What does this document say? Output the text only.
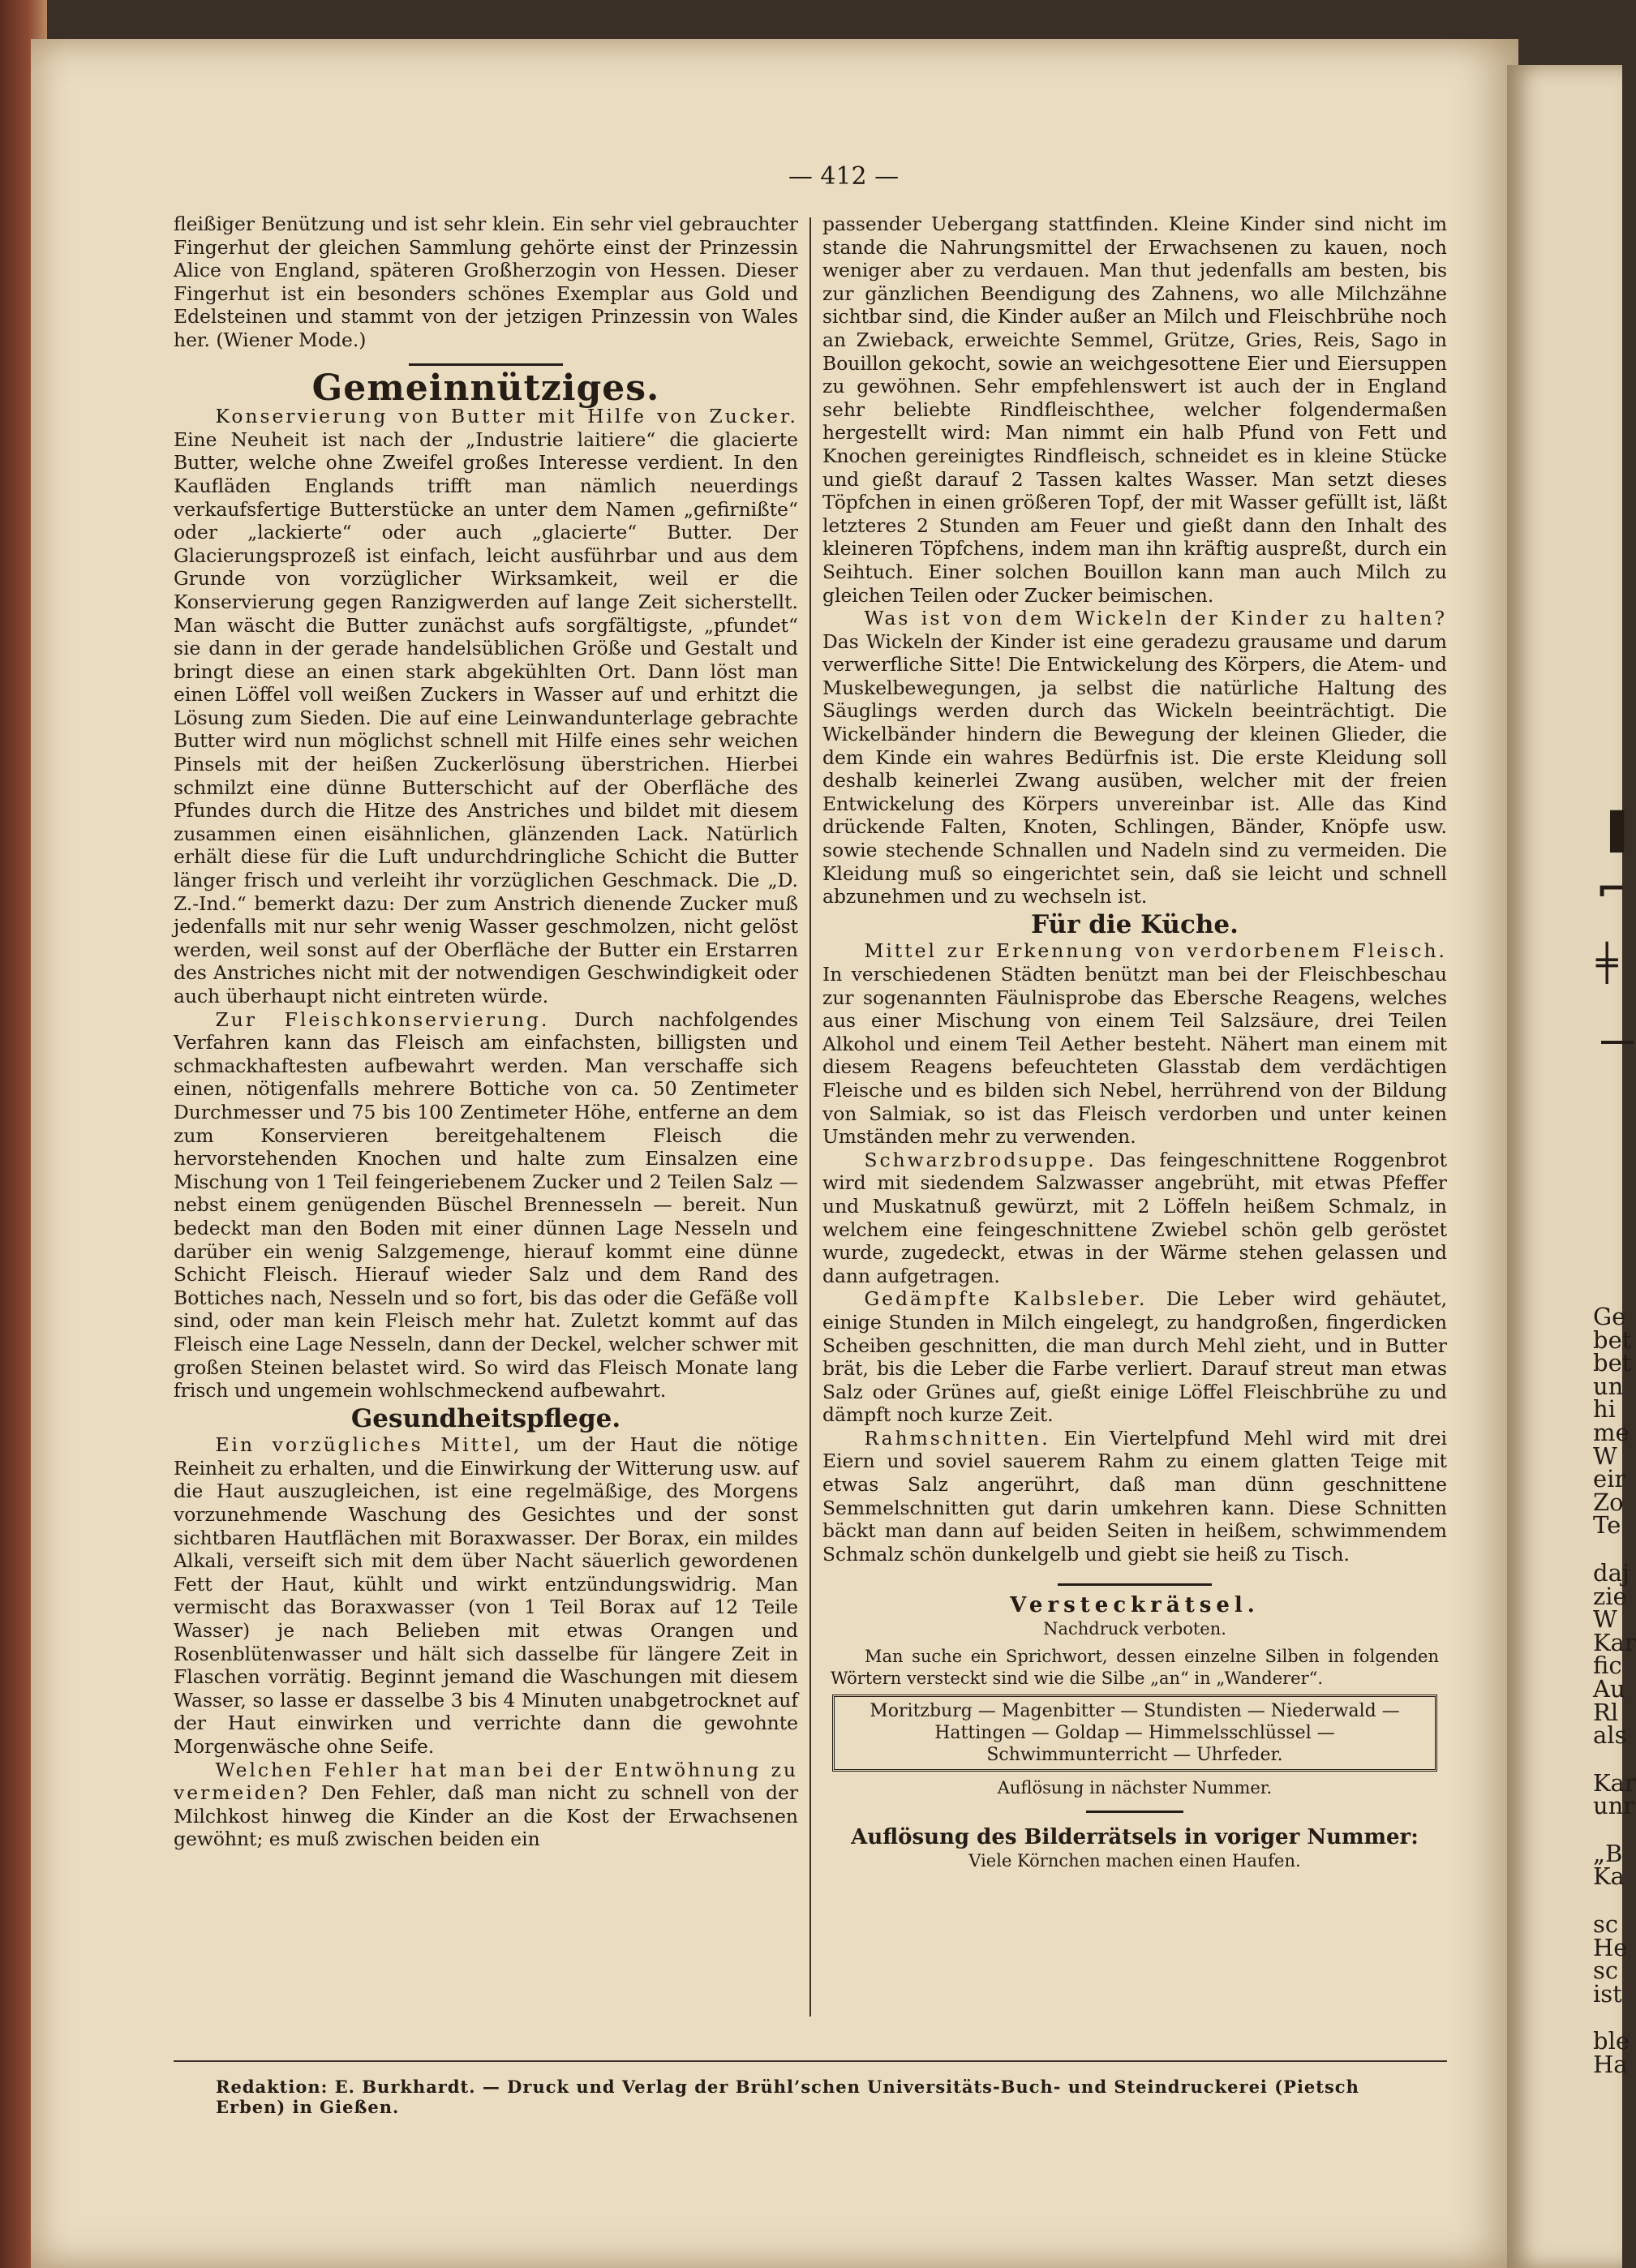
▐
⌐
╪
Ge
bet
bet
un
hi
me
W
eir
Zo
Te
daj
zie
W
Kar
fic
Au
Rl
als
Kar
unr
„B
Ka
sc
He
sc
ist
ble
Ha
— 412 —

fleißiger Benützung und ist sehr klein. Ein sehr viel gebrauchter Fingerhut der gleichen Sammlung gehörte einst der Prinzessin Alice von England, späteren Großherzogin von Hessen. Dieser Fingerhut ist ein besonders schönes Exemplar aus Gold und Edelsteinen und stammt von der jetzigen Prinzessin von Wales her. (Wiener Mode.)

Gemeinnütziges.

Konservierung von Butter mit Hilfe von Zucker. Eine Neuheit ist nach der „Industrie laitiere“ die glacierte Butter, welche ohne Zweifel großes Interesse verdient. In den Kaufläden Englands trifft man nämlich neuerdings verkaufsfertige Butterstücke an unter dem Namen „gefirnißte“ oder „lackierte“ oder auch „glacierte“ Butter. Der Glacierungsprozeß ist einfach, leicht ausführbar und aus dem Grunde von vorzüglicher Wirksamkeit, weil er die Konservierung gegen Ranzigwerden auf lange Zeit sicherstellt. Man wäscht die Butter zunächst aufs sorgfältigste, „pfundet“ sie dann in der gerade handelsüblichen Größe und Gestalt und bringt diese an einen stark abgekühlten Ort. Dann löst man einen Löffel voll weißen Zuckers in Wasser auf und erhitzt die Lösung zum Sieden. Die auf eine Leinwandunterlage gebrachte Butter wird nun möglichst schnell mit Hilfe eines sehr weichen Pinsels mit der heißen Zuckerlösung überstrichen. Hierbei schmilzt eine dünne Butterschicht auf der Oberfläche des Pfundes durch die Hitze des Anstriches und bildet mit diesem zusammen einen eisähnlichen, glänzenden Lack. Natürlich erhält diese für die Luft undurchdringliche Schicht die Butter länger frisch und verleiht ihr vorzüglichen Geschmack. Die „D. Z.-Ind.“ bemerkt dazu: Der zum Anstrich dienende Zucker muß jedenfalls mit nur sehr wenig Wasser geschmolzen, nicht gelöst werden, weil sonst auf der Oberfläche der Butter ein Erstarren des Anstriches nicht mit der notwendigen Geschwindigkeit oder auch überhaupt nicht eintreten würde.

Zur Fleischkonservierung. Durch nachfolgendes Verfahren kann das Fleisch am einfachsten, billigsten und schmackhaftesten aufbewahrt werden. Man verschaffe sich einen, nötigenfalls mehrere Bottiche von ca. 50 Zentimeter Durchmesser und 75 bis 100 Zentimeter Höhe, entferne an dem zum Konservieren bereitgehaltenem Fleisch die hervorstehenden Knochen und halte zum Einsalzen eine Mischung von 1 Teil feingeriebenem Zucker und 2 Teilen Salz — nebst einem genügenden Büschel Brennesseln — bereit. Nun bedeckt man den Boden mit einer dünnen Lage Nesseln und darüber ein wenig Salzgemenge, hierauf kommt eine dünne Schicht Fleisch. Hierauf wieder Salz und dem Rand des Bottiches nach, Nesseln und so fort, bis das oder die Gefäße voll sind, oder man kein Fleisch mehr hat. Zuletzt kommt auf das Fleisch eine Lage Nesseln, dann der Deckel, welcher schwer mit großen Steinen belastet wird. So wird das Fleisch Monate lang frisch und ungemein wohlschmeckend aufbewahrt.

Gesundheitspflege.

Ein vorzügliches Mittel, um der Haut die nötige Reinheit zu erhalten, und die Einwirkung der Witterung usw. auf die Haut auszugleichen, ist eine regelmäßige, des Morgens vorzunehmende Waschung des Gesichtes und der sonst sichtbaren Hautflächen mit Boraxwasser. Der Borax, ein mildes Alkali, verseift sich mit dem über Nacht säuerlich gewordenen Fett der Haut, kühlt und wirkt entzündungswidrig. Man vermischt das Boraxwasser (von 1 Teil Borax auf 12 Teile Wasser) je nach Belieben mit etwas Orangen und Rosenblütenwasser und hält sich dasselbe für längere Zeit in Flaschen vorrätig. Beginnt jemand die Waschungen mit diesem Wasser, so lasse er dasselbe 3 bis 4 Minuten unabgetrocknet auf der Haut einwirken und verrichte dann die gewohnte Morgenwäsche ohne Seife.

Welchen Fehler hat man bei der Entwöhnung zu vermeiden? Den Fehler, daß man nicht zu schnell von der Milchkost hinweg die Kinder an die Kost der Erwachsenen gewöhnt; es muß zwischen beiden ein

passender Uebergang stattfinden. Kleine Kinder sind nicht im stande die Nahrungsmittel der Erwachsenen zu kauen, noch weniger aber zu verdauen. Man thut jedenfalls am besten, bis zur gänzlichen Beendigung des Zahnens, wo alle Milchzähne sichtbar sind, die Kinder außer an Milch und Fleischbrühe noch an Zwieback, erweichte Semmel, Grütze, Gries, Reis, Sago in Bouillon gekocht, sowie an weichgesottene Eier und Eiersuppen zu gewöhnen. Sehr empfehlenswert ist auch der in England sehr beliebte Rindfleischthee, welcher folgendermaßen hergestellt wird: Man nimmt ein halb Pfund von Fett und Knochen gereinigtes Rindfleisch, schneidet es in kleine Stücke und gießt darauf 2 Tassen kaltes Wasser. Man setzt dieses Töpfchen in einen größeren Topf, der mit Wasser gefüllt ist, läßt letzteres 2 Stunden am Feuer und gießt dann den Inhalt des kleineren Töpfchens, indem man ihn kräftig auspreßt, durch ein Seihtuch. Einer solchen Bouillon kann man auch Milch zu gleichen Teilen oder Zucker beimischen.

Was ist von dem Wickeln der Kinder zu halten? Das Wickeln der Kinder ist eine geradezu grausame und darum verwerfliche Sitte! Die Entwickelung des Körpers, die Atem- und Muskelbewegungen, ja selbst die natürliche Haltung des Säuglings werden durch das Wickeln beeinträchtigt. Die Wickelbänder hindern die Bewegung der kleinen Glieder, die dem Kinde ein wahres Bedürfnis ist. Die erste Kleidung soll deshalb keinerlei Zwang ausüben, welcher mit der freien Entwickelung des Körpers unvereinbar ist. Alle das Kind drückende Falten, Knoten, Schlingen, Bänder, Knöpfe usw. sowie stechende Schnallen und Nadeln sind zu vermeiden. Die Kleidung muß so eingerichtet sein, daß sie leicht und schnell abzunehmen und zu wechseln ist.

Für die Küche.

Mittel zur Erkennung von verdorbenem Fleisch. In verschiedenen Städten benützt man bei der Fleischbeschau zur sogenannten Fäulnisprobe das Ebersche Reagens, welches aus einer Mischung von einem Teil Salzsäure, drei Teilen Alkohol und einem Teil Aether besteht. Nähert man einem mit diesem Reagens befeuchteten Glasstab dem verdächtigen Fleische und es bilden sich Nebel, herrührend von der Bildung von Salmiak, so ist das Fleisch verdorben und unter keinen Umständen mehr zu verwenden.

Schwarzbrodsuppe. Das feingeschnittene Roggenbrot wird mit siedendem Salzwasser angebrüht, mit etwas Pfeffer und Muskatnuß gewürzt, mit 2 Löffeln heißem Schmalz, in welchem eine feingeschnittene Zwiebel schön gelb geröstet wurde, zugedeckt, etwas in der Wärme stehen gelassen und dann aufgetragen.

Gedämpfte Kalbsleber. Die Leber wird gehäutet, einige Stunden in Milch eingelegt, zu handgroßen, fingerdicken Scheiben geschnitten, die man durch Mehl zieht, und in Butter brät, bis die Leber die Farbe verliert. Darauf streut man etwas Salz oder Grünes auf, gießt einige Löffel Fleischbrühe zu und dämpft noch kurze Zeit.

Rahmschnitten. Ein Viertelpfund Mehl wird mit drei Eiern und soviel sauerem Rahm zu einem glatten Teige mit etwas Salz angerührt, daß man dünn geschnittene Semmelschnitten gut darin umkehren kann. Diese Schnitten bäckt man dann auf beiden Seiten in heißem, schwimmendem Schmalz schön dunkelgelb und giebt sie heiß zu Tisch.

Versteckrätsel.
Nachdruck verboten.
Man suche ein Sprichwort, dessen einzelne Silben in folgenden Wörtern versteckt sind wie die Silbe „an“ in „Wanderer“.
Moritzburg — Magenbitter — Stundisten — Niederwald — Hattingen — Goldap — Himmelsschlüssel — Schwimmunterricht — Uhrfeder.
Auflösung in nächster Nummer.
Auflösung des Bilderrätsels in voriger Nummer:
Viele Körnchen machen einen Haufen.
Redaktion: E. Burkhardt. — Druck und Verlag der Brühl’schen Universitäts-Buch- und Steindruckerei (Pietsch Erben) in Gießen.
